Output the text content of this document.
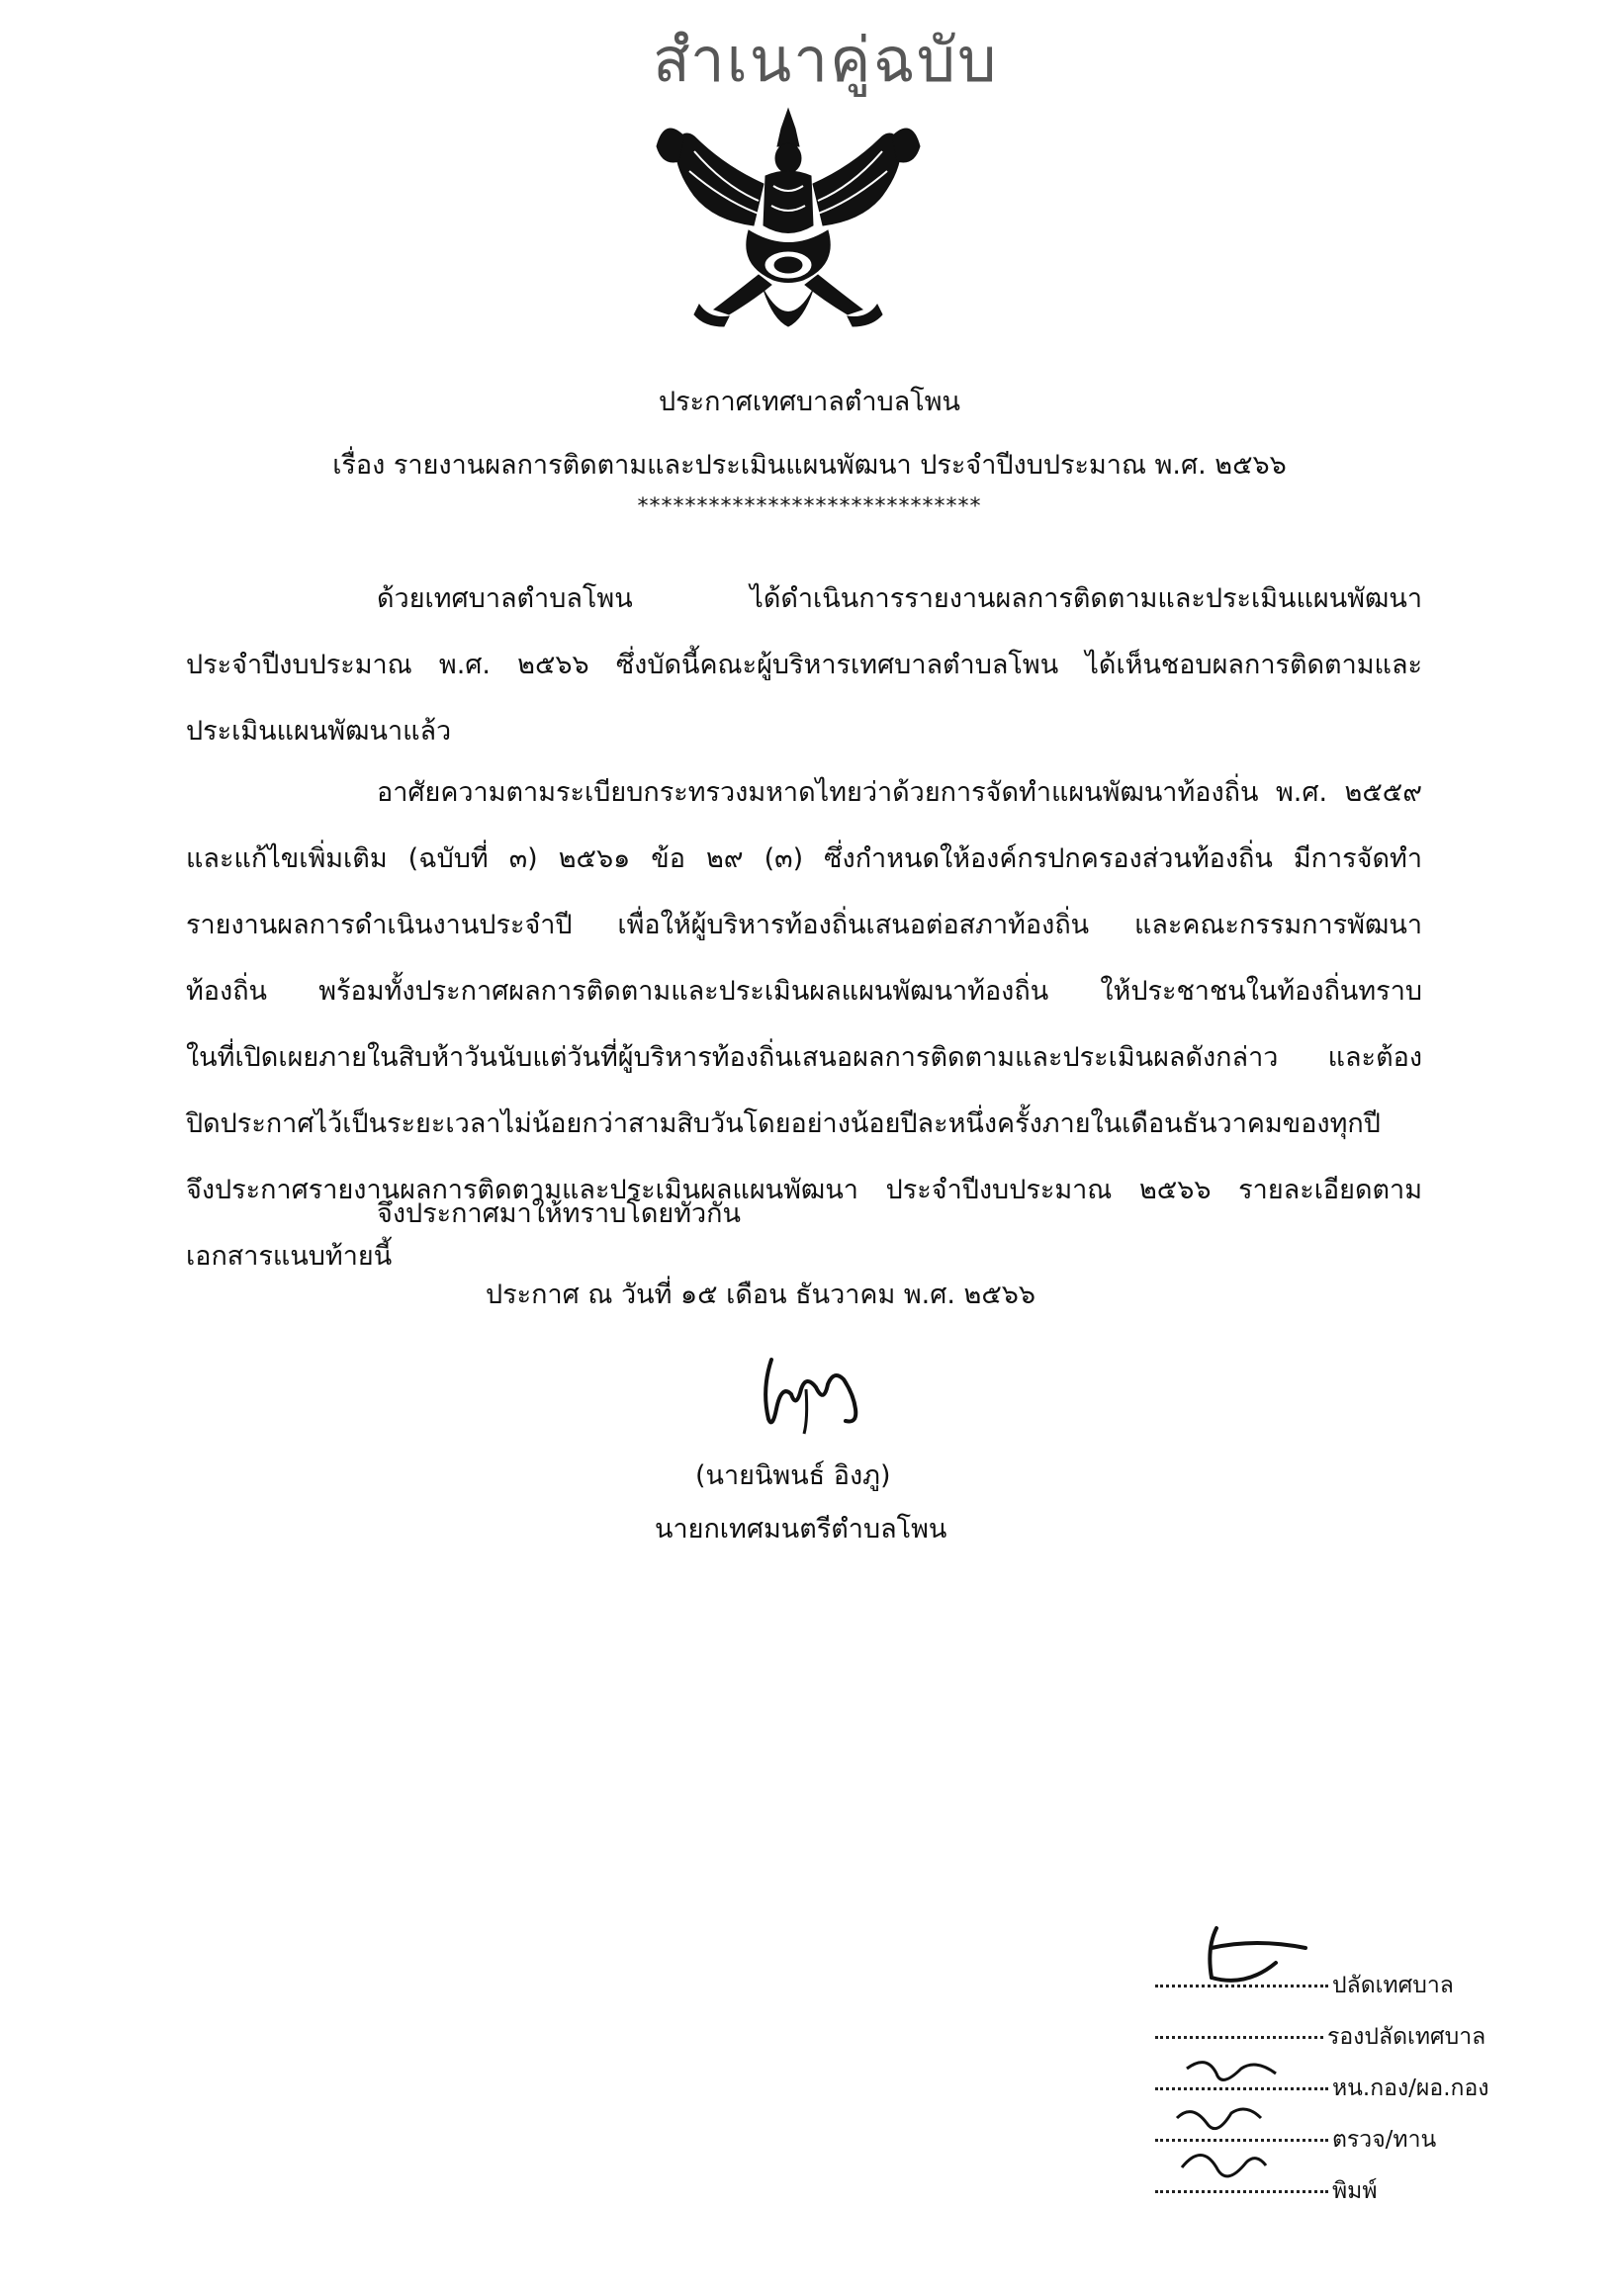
สำเนาคู่ฉบับ
ประกาศเทศบาลตำบลโพน
เรื่อง รายงานผลการติดตามและประเมินแผนพัฒนา ประจำปีงบประมาณ พ.ศ. ๒๕๖๖
*****************************
ด้วยเทศบาลตำบลโพน ได้ดำเนินการรายงานผลการติดตามและประเมินแผนพัฒนา
ประจำปีงบประมาณ พ.ศ. ๒๕๖๖ ซึ่งบัดนี้คณะผู้บริหารเทศบาลตำบลโพน ได้เห็นชอบผลการติดตามและ
ประเมินแผนพัฒนาแล้ว
อาศัยความตามระเบียบกระทรวงมหาดไทยว่าด้วยการจัดทำแผนพัฒนาท้องถิ่น พ.ศ. ๒๕๕๙
และแก้ไขเพิ่มเติม (ฉบับที่ ๓) ๒๕๖๑ ข้อ ๒๙ (๓) ซึ่งกำหนดให้องค์กรปกครองส่วนท้องถิ่น มีการจัดทำ
รายงานผลการดำเนินงานประจำปี เพื่อให้ผู้บริหารท้องถิ่นเสนอต่อสภาท้องถิ่น และคณะกรรมการพัฒนา
ท้องถิ่น พร้อมทั้งประกาศผลการติดตามและประเมินผลแผนพัฒนาท้องถิ่น ให้ประชาชนในท้องถิ่นทราบ
ในที่เปิดเผยภายในสิบห้าวันนับแต่วันที่ผู้บริหารท้องถิ่นเสนอผลการติดตามและประเมินผลดังกล่าว และต้อง
ปิดประกาศไว้เป็นระยะเวลาไม่น้อยกว่าสามสิบวันโดยอย่างน้อยปีละหนึ่งครั้งภายในเดือนธันวาคมของทุกปี
จึงประกาศรายงานผลการติดตามและประเมินผลแผนพัฒนา ประจำปีงบประมาณ ๒๕๖๖ รายละเอียดตาม
เอกสารแนบท้ายนี้
จึงประกาศมาให้ทราบโดยทั่วกัน
ประกาศ ณ วันที่ ๑๕ เดือน ธันวาคม พ.ศ. ๒๕๖๖
(นายนิพนธ์ อิงภู)
นายกเทศมนตรีตำบลโพน
ปลัดเทศบาล
รองปลัดเทศบาล
หน.กอง/ผอ.กอง
ตรวจ/ทาน
พิมพ์
